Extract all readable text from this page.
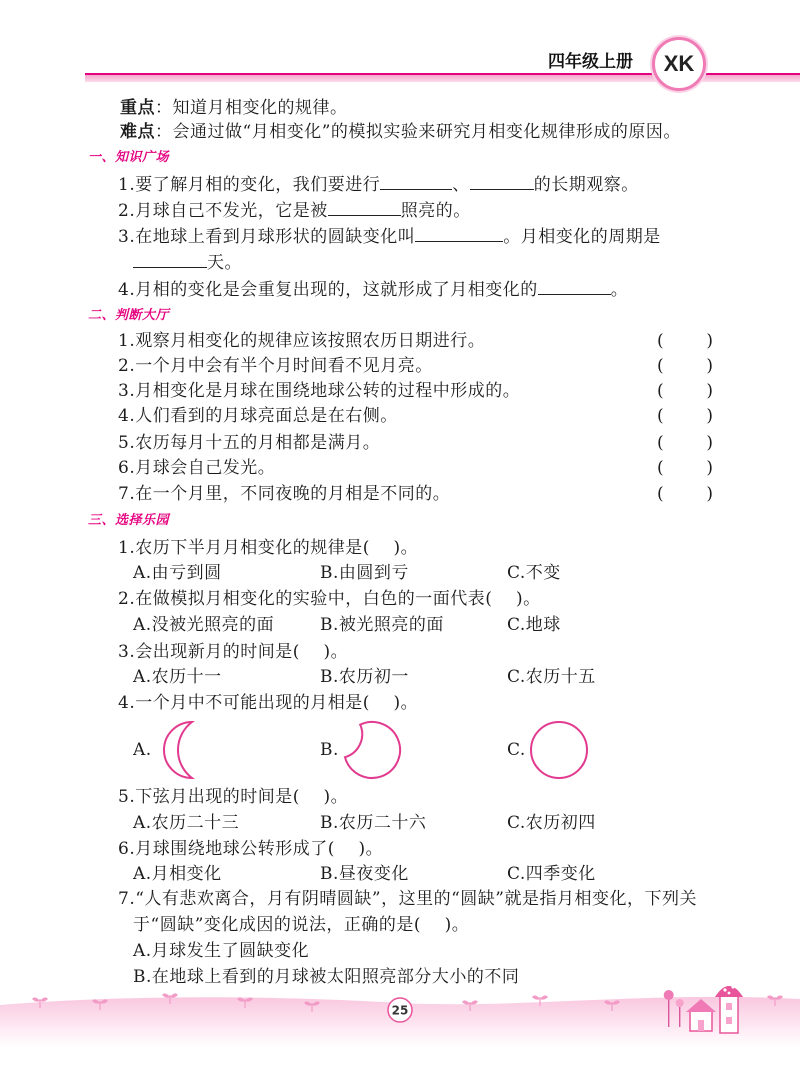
四年级上册 XK
重点 ：知道月相变化的规律。
难点 ：会通过做“月相变化”的模拟实验来研究月相变化规律形成的原因。
一、知识广场
1.要了解月相的变化，我们要进行	、	的长期观察。
2.月球自己不发光，它是被	照亮的。
3.在地球上看到月球形状的圆缺变化叫	。月相变化的周期是
天。
4.月相的变化是会重复出现的，这就形成了月相变化的	。
二、判断大厅
1.观察月相变化的规律应该按照农历日期进行。	(	)
2.一个月中会有半个月时间看不见月亮。	(	)
3.月相变化是月球在围绕地球公转的过程中形成的。	(	)
4.人们看到的月球亮面总是在右侧。	(	)
5.农历每月十五的月相都是满月。	(	)
6.月球会自己发光。	(	)
7.在一个月里，不同夜晚的月相是不同的。	(	)
三、选择乐园
1.农历下半月月相变化的规律是(    )。
A.由亏到圆	B.由圆到亏	C.不变
2.在做模拟月相变化的实验中，白色的一面代表(    )。
A.没被光照亮的面	B.被光照亮的面	C.地球
3.会出现新月的时间是(    )。
A.农历十一	B.农历初一	C.农历十五
4.一个月中不可能出现的月相是(    )。
A.	B.	C.
5.下弦月出现的时间是(    )。
A.农历二十三	B.农历二十六	C.农历初四
6.月球围绕地球公转形成了(    )。
A.月相变化	B.昼夜变化	C.四季变化
7.“人有悲欢离合，月有阴晴圆缺”，这里的“圆缺”就是指月相变化，下列关
于“圆缺”变化成因的说法，正确的是(    )。
A.月球发生了圆缺变化
B.在地球上看到的月球被太阳照亮部分大小的不同
25
